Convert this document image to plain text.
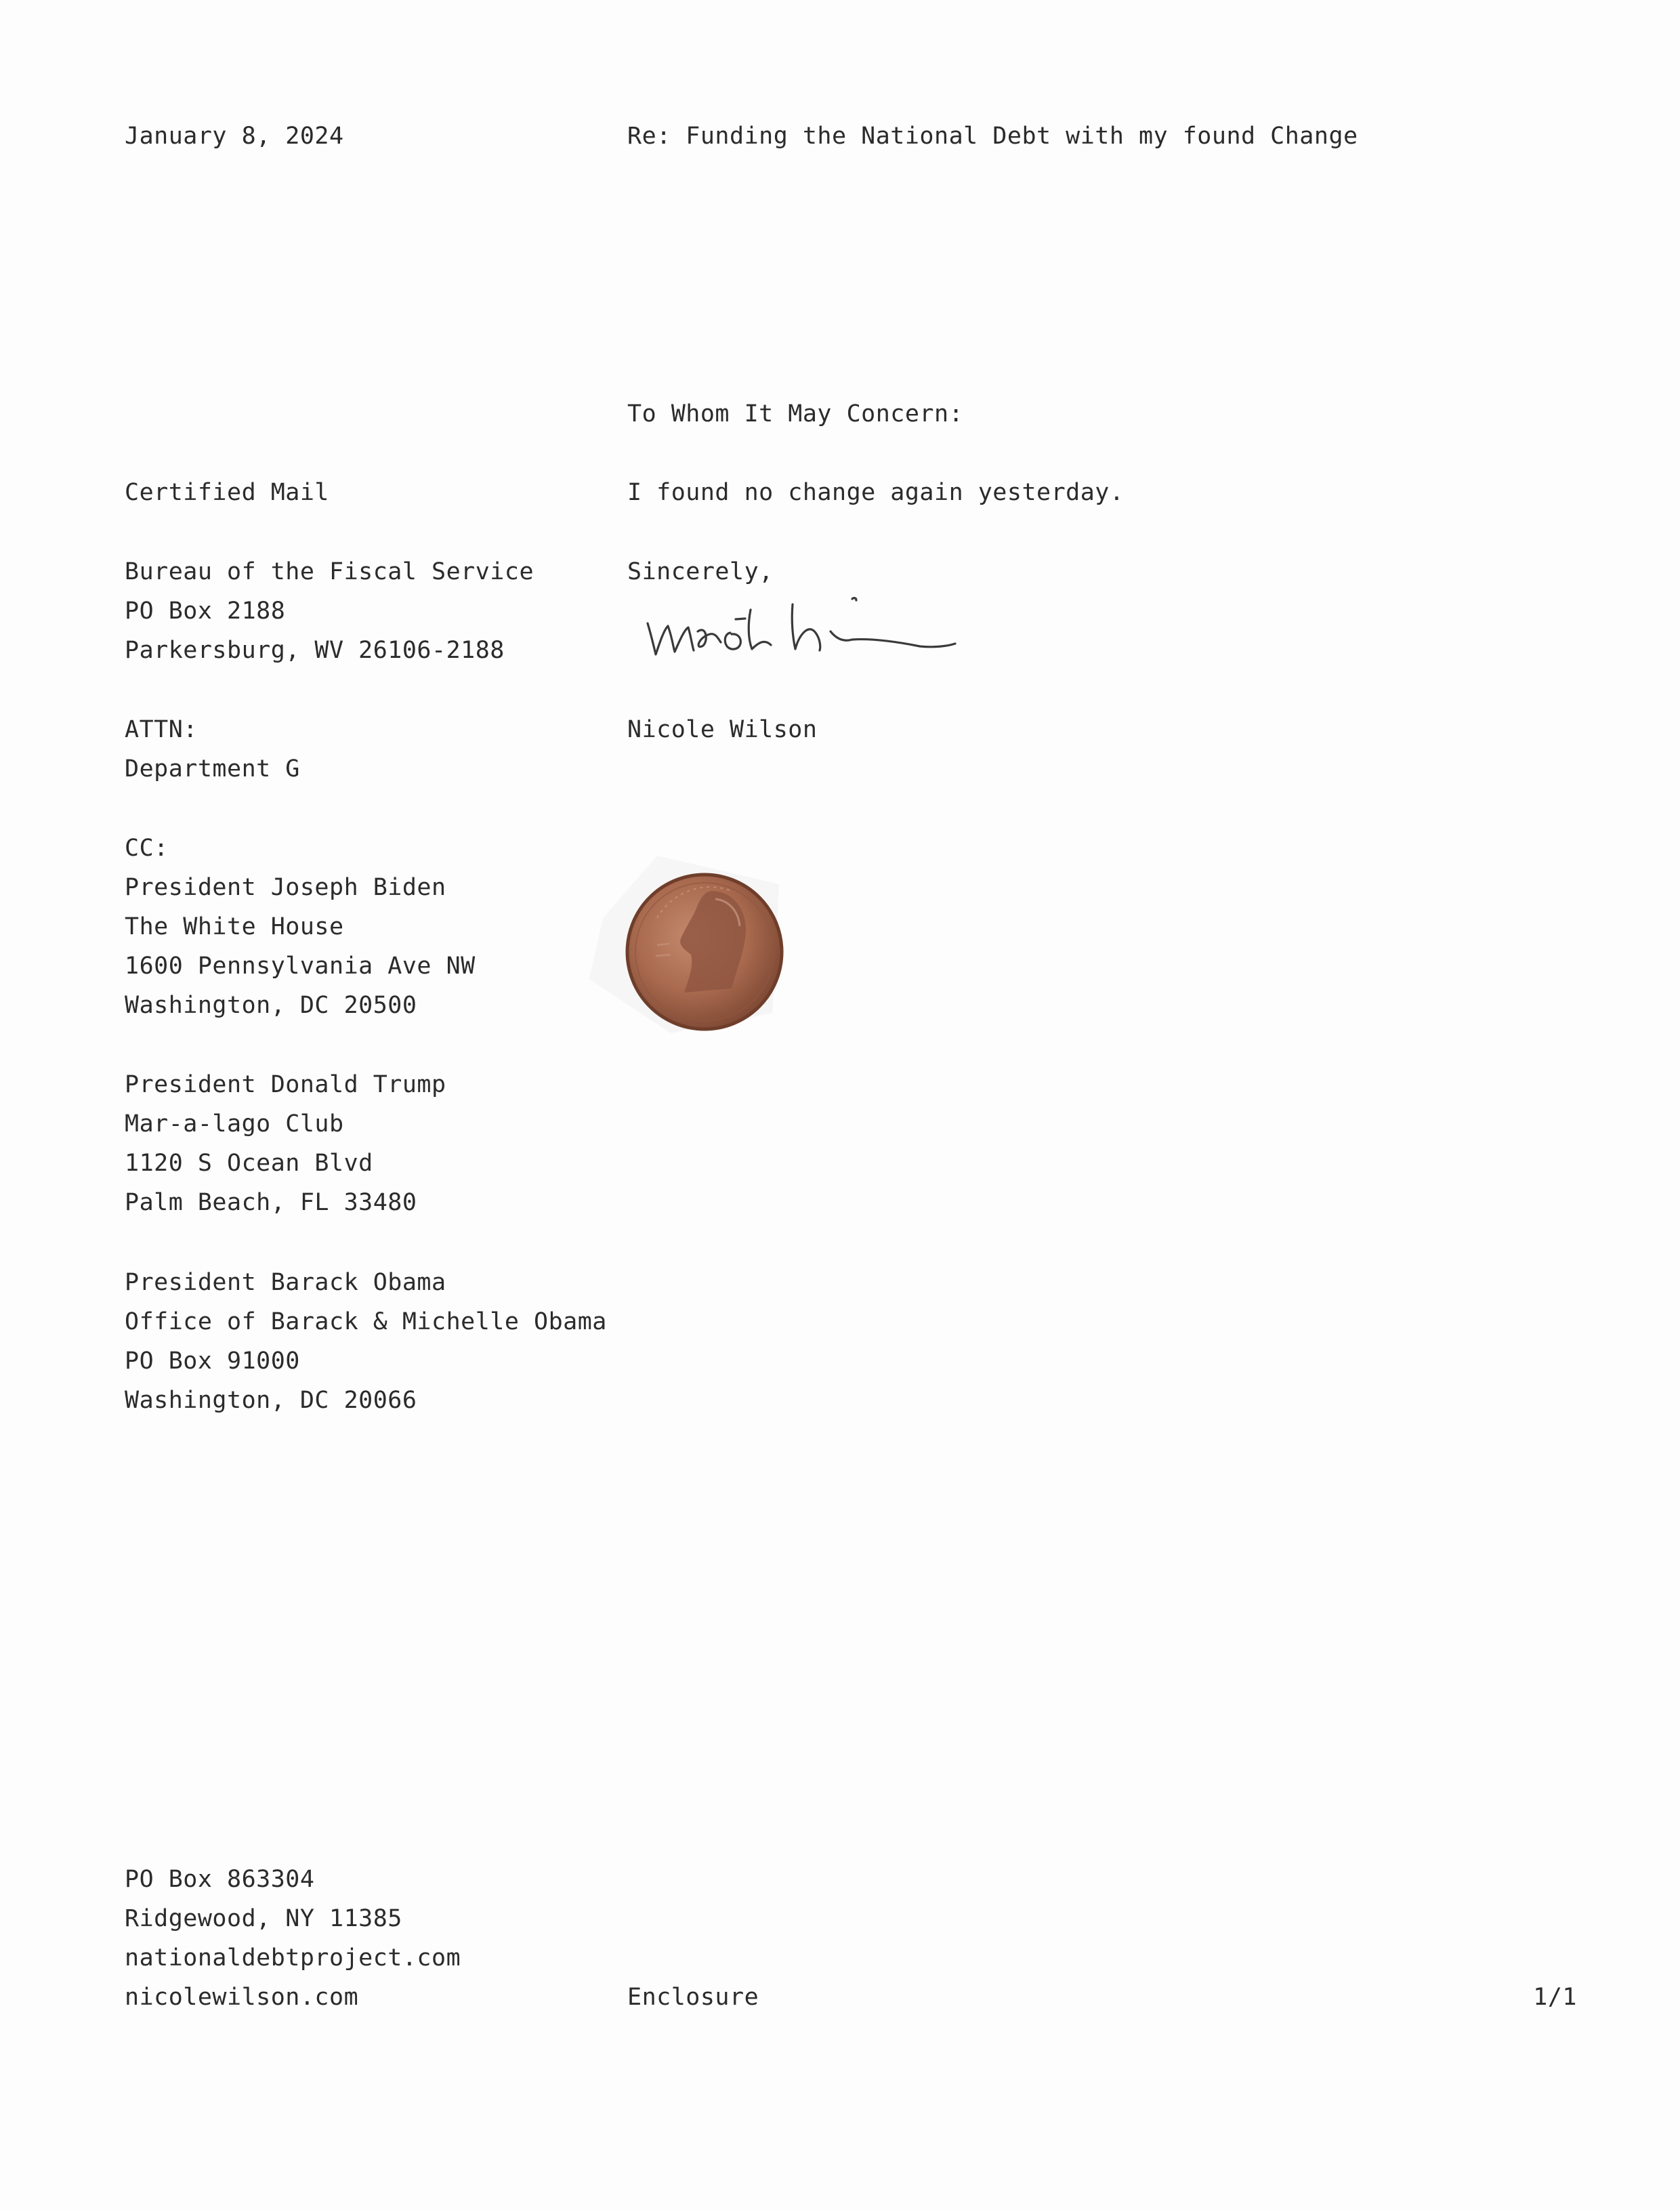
January 8, 2024	Re: Funding the National Debt with my found Change
To Whom It May Concern:
I found no change again yesterday.
Sincerely,
Nicole Wilson
Certified Mail
Bureau of the Fiscal Service
PO Box 2188
Parkersburg, WV 26106-2188
ATTN:
Department G
CC:
President Joseph Biden
The White House
1600 Pennsylvania Ave NW
Washington, DC 20500
President Donald Trump
Mar-a-lago Club
1120 S Ocean Blvd
Palm Beach, FL 33480
President Barack Obama
Office of Barack & Michelle Obama
PO Box 91000
Washington, DC 20066
PO Box 863304
Ridgewood, NY 11385
nationaldebtproject.com
nicolewilson.com	Enclosure	1/1
